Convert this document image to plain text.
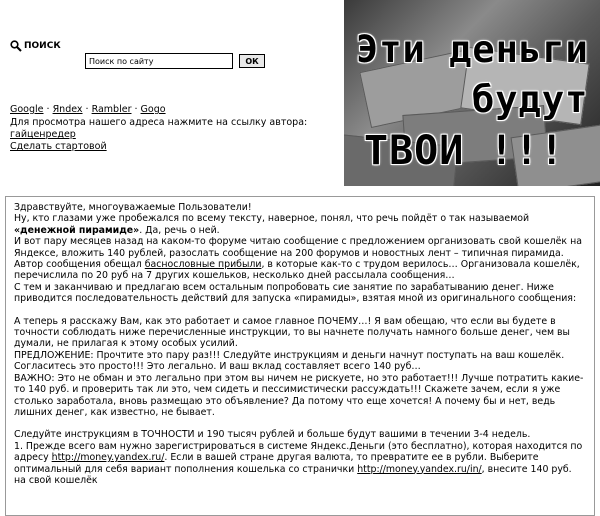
ПОИСК
Поиск по сайту
ОК
Google · Яndex · Rambler · Gogo
Для просмотра нашего адреса нажмите на ссылку автора:
гайценредер
Сделать стартовой
Эти деньги
будут
ТВОИ !!!

Здравствуйте, многоуважаемые Пользователи!

Ну, кто глазами уже пробежался по всему тексту, наверное, понял, что речь пойдёт о так называемой «денежной пирамиде». Да, речь о ней.

И вот пару месяцев назад на каком-то форуме читаю сообщение с предложением организовать свой кошелёк на Яндексе, вложить 140 рублей, разослать сообщение на 200 форумов и новостных лент – типичная пирамида. Автор сообщения обещал баснословные прибыли, в которые как-то с трудом верилось… Организовала кошелёк, перечислила по 20 руб на 7 других кошельков, несколько дней рассылала сообщения…

С тем и заканчиваю и предлагаю всем остальным попробовать сие занятие по зарабатыванию денег. Ниже приводится последовательность действий для запуска «пирамиды», взятая мной из оригинального сообщения:

А теперь я расскажу Вам, как это работает и самое главное ПОЧЕМУ…! Я вам обещаю, что если вы будете в точности соблюдать ниже перечисленные инструкции, то вы начнете получать намного больше денег, чем вы думали, не прилагая к этому особых усилий.

ПРЕДЛОЖЕНИЕ: Прочтите это пару раз!!! Следуйте инструкциям и деньги начнут поступать на ваш кошелёк. Согласитесь это просто!!! Это легально. И ваш вклад составляет всего 140 руб…

ВАЖНО: Это не обман и это легально при этом вы ничем не рискуете, но это работает!!! Лучше потратить какие-то 140 руб. и проверить так ли это, чем сидеть и пессимистически рассуждать!!! Скажете зачем, если я уже столько заработала, вновь размещаю это объявление? Да потому что еще хочется! А почему бы и нет, ведь лишних денег, как известно, не бывает.

Следуйте инструкциям в ТОЧНОСТИ и 190 тысяч рублей и больше будут вашими в течении 3-4 недель.

1. Прежде всего вам нужно зарегистрироваться в системе Яндекс.Деньги (это бесплатно), которая находится по адресу http://money.yandex.ru/. Если в вашей стране другая валюта, то превратите ее в рубли. Выберите оптимальный для себя вариант пополнения кошелька со странички http://money.yandex.ru/in/, внесите 140 руб. на свой кошелёк
